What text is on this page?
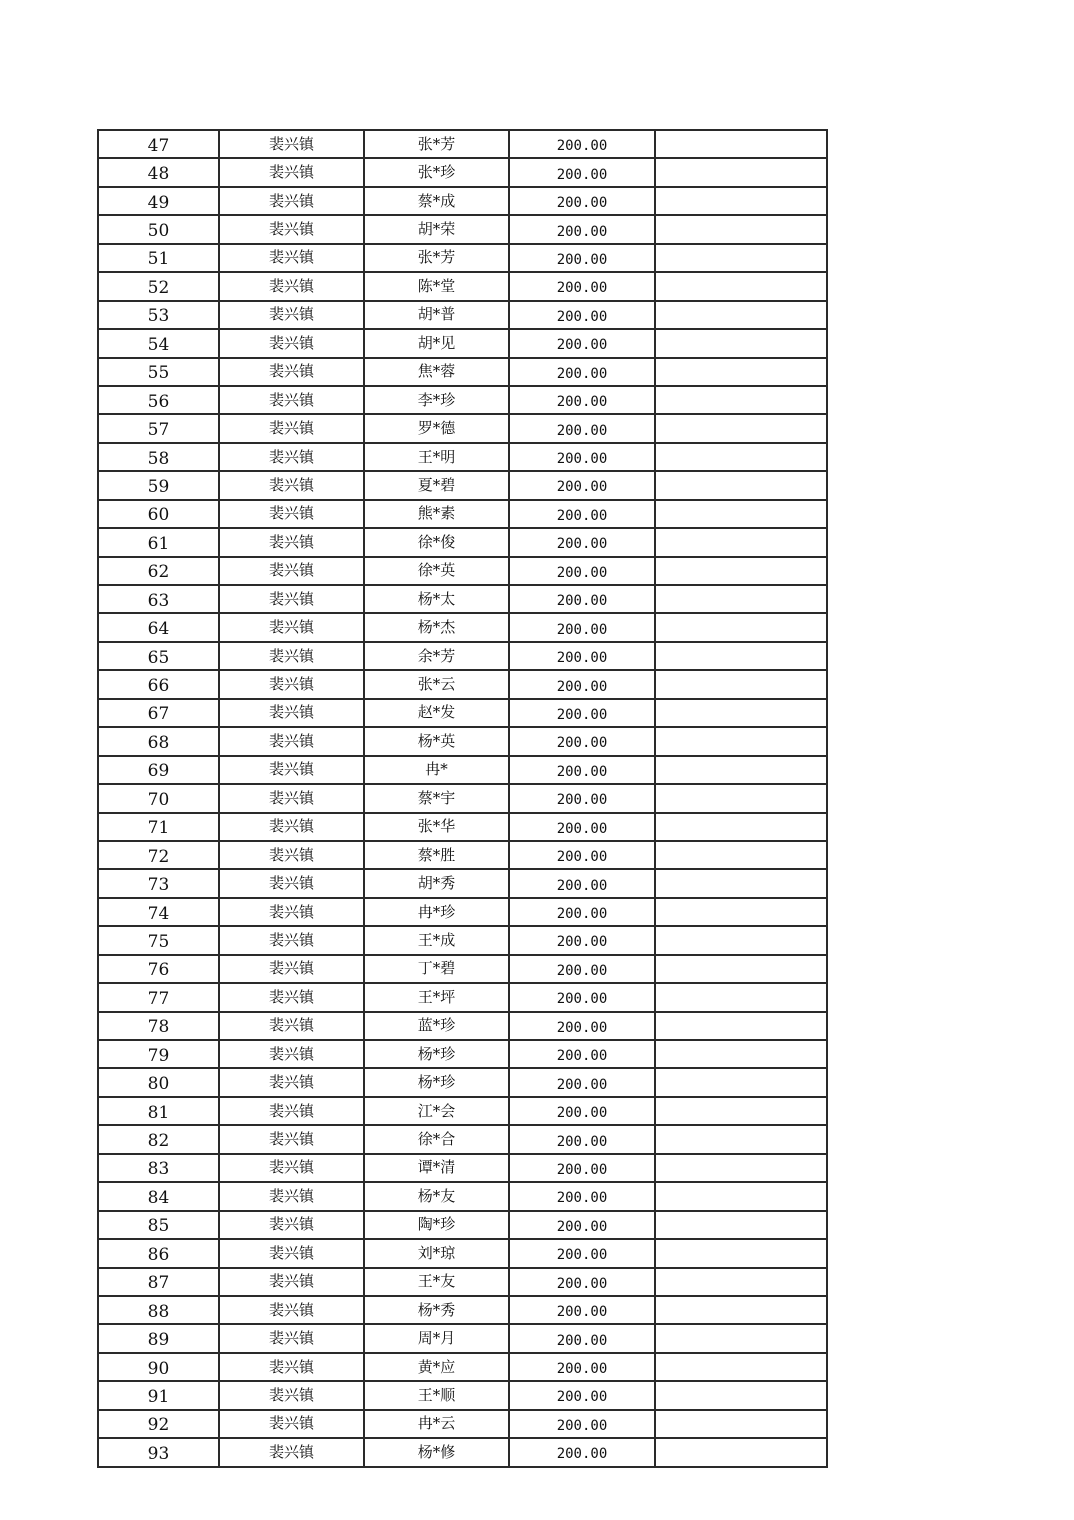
47	裴兴镇	张*芳	200.00	
48	裴兴镇	张*珍	200.00	
49	裴兴镇	蔡*成	200.00	
50	裴兴镇	胡*荣	200.00	
51	裴兴镇	张*芳	200.00	
52	裴兴镇	陈*堂	200.00	
53	裴兴镇	胡*普	200.00	
54	裴兴镇	胡*见	200.00	
55	裴兴镇	焦*蓉	200.00	
56	裴兴镇	李*珍	200.00	
57	裴兴镇	罗*德	200.00	
58	裴兴镇	王*明	200.00	
59	裴兴镇	夏*碧	200.00	
60	裴兴镇	熊*素	200.00	
61	裴兴镇	徐*俊	200.00	
62	裴兴镇	徐*英	200.00	
63	裴兴镇	杨*太	200.00	
64	裴兴镇	杨*杰	200.00	
65	裴兴镇	余*芳	200.00	
66	裴兴镇	张*云	200.00	
67	裴兴镇	赵*发	200.00	
68	裴兴镇	杨*英	200.00	
69	裴兴镇	冉*	200.00	
70	裴兴镇	蔡*宇	200.00	
71	裴兴镇	张*华	200.00	
72	裴兴镇	蔡*胜	200.00	
73	裴兴镇	胡*秀	200.00	
74	裴兴镇	冉*珍	200.00	
75	裴兴镇	王*成	200.00	
76	裴兴镇	丁*碧	200.00	
77	裴兴镇	王*坪	200.00	
78	裴兴镇	蓝*珍	200.00	
79	裴兴镇	杨*珍	200.00	
80	裴兴镇	杨*珍	200.00	
81	裴兴镇	江*会	200.00	
82	裴兴镇	徐*合	200.00	
83	裴兴镇	谭*清	200.00	
84	裴兴镇	杨*友	200.00	
85	裴兴镇	陶*珍	200.00	
86	裴兴镇	刘*琼	200.00	
87	裴兴镇	王*友	200.00	
88	裴兴镇	杨*秀	200.00	
89	裴兴镇	周*月	200.00	
90	裴兴镇	黄*应	200.00	
91	裴兴镇	王*顺	200.00	
92	裴兴镇	冉*云	200.00	
93	裴兴镇	杨*修	200.00	
